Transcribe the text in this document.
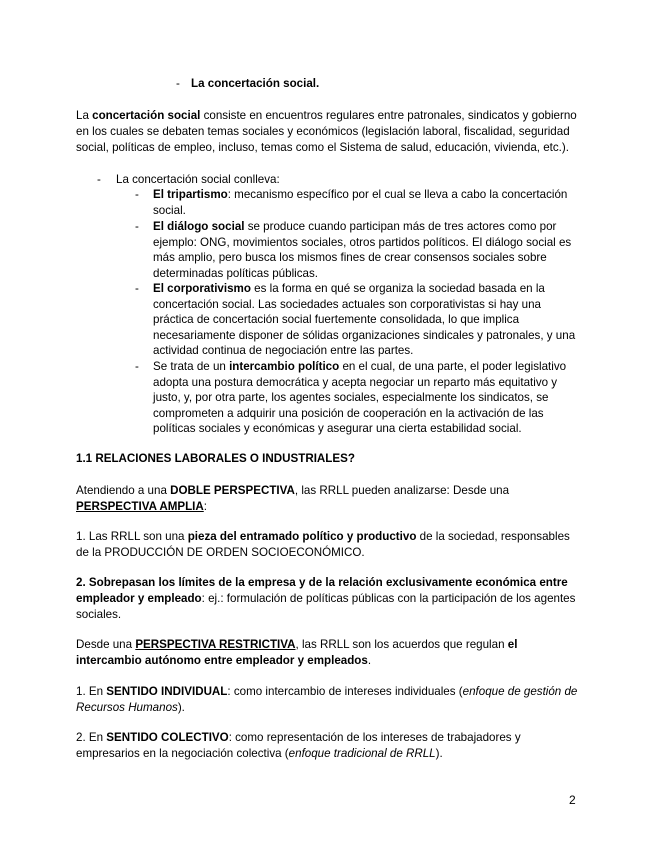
- La concertación social.

La concertación social consiste en encuentros regulares entre patronales, sindicatos y gobierno en los cuales se debaten temas sociales y económicos (legislación laboral, fiscalidad, seguridad social, políticas de empleo, incluso, temas como el Sistema de salud, educación, vivienda, etc.).

- La concertación social conlleva:

- El tripartismo: mecanismo específico por el cual se lleva a cabo la concertación social.

- El diálogo social se produce cuando participan más de tres actores como por ejemplo: ONG, movimientos sociales, otros partidos políticos. El diálogo social es más amplio, pero busca los mismos fines de crear consensos sociales sobre determinadas políticas públicas.

- El corporativismo es la forma en qué se organiza la sociedad basada en la concertación social. Las sociedades actuales son corporativistas si hay una práctica de concertación social fuertemente consolidada, lo que implica necesariamente disponer de sólidas organizaciones sindicales y patronales, y una actividad continua de negociación entre las partes.

- Se trata de un intercambio político en el cual, de una parte, el poder legislativo adopta una postura democrática y acepta negociar un reparto más equitativo y justo, y, por otra parte, los agentes sociales, especialmente los sindicatos, se comprometen a adquirir una posición de cooperación en la activación de las políticas sociales y económicas y asegurar una cierta estabilidad social.

1.1 RELACIONES LABORALES O INDUSTRIALES?

Atendiendo a una DOBLE PERSPECTIVA, las RRLL pueden analizarse: Desde una PERSPECTIVA AMPLIA:

1. Las RRLL son una pieza del entramado político y productivo de la sociedad, responsables de la PRODUCCIÓN DE ORDEN SOCIOECONÓMICO.

2. Sobrepasan los límites de la empresa y de la relación exclusivamente económica entre empleador y empleado: ej.: formulación de políticas públicas con la participación de los agentes sociales.

Desde una PERSPECTIVA RESTRICTIVA, las RRLL son los acuerdos que regulan el intercambio autónomo entre empleador y empleados.

1. En SENTIDO INDIVIDUAL: como intercambio de intereses individuales (enfoque de gestión de Recursos Humanos).

2. En SENTIDO COLECTIVO: como representación de los intereses de trabajadores y empresarios en la negociación colectiva (enfoque tradicional de RRLL).

2
